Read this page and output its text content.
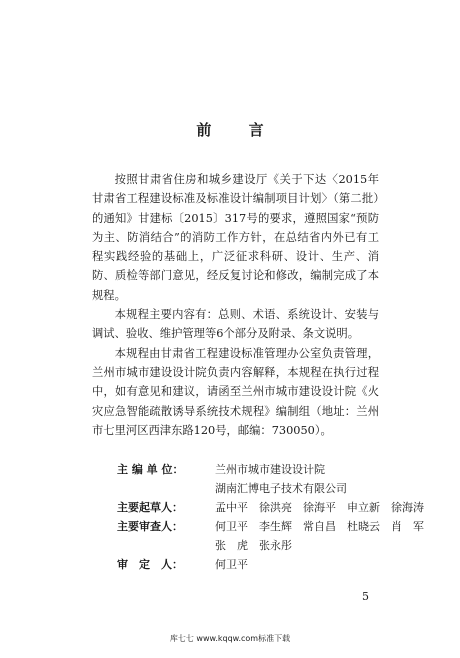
前 言

按照甘肃省住房和城乡建设厅《关于下达〈2015年甘肃省工程建设标准及标准设计编制项目计划〉（第二批）的通知》甘建标〔2015〕317号的要求，遵照国家“预防为主、防消结合”的消防工作方针，在总结省内外已有工程实践经验的基础上，广泛征求科研、设计、生产、消防、质检等部门意见，经反复讨论和修改，编制完成了本规程。

本规程主要内容有：总则、术语、系统设计、安装与调试、验收、维护管理等6个部分及附录、条文说明。

本规程由甘肃省工程建设标准管理办公室负责管理，兰州市城市建设设计院负责内容解释，本规程在执行过程中，如有意见和建议，请函至兰州市城市建设设计院《火灾应急智能疏散诱导系统技术规程》编制组（地址：兰州市七里河区西津东路120号，邮编：730050）。

主 编 单 位：	兰州市城市建设设计院
湖南汇博电子技术有限公司
主要起草人：	孟中平　徐洪亮　徐海平　申立新　徐海涛
主要审查人：	何卫平　李生辉　常自昌　杜晓云　肖　军
张　虎　张永彤
审　定　人：	何卫平
5
库七七 www.kqqw.com标准下载
